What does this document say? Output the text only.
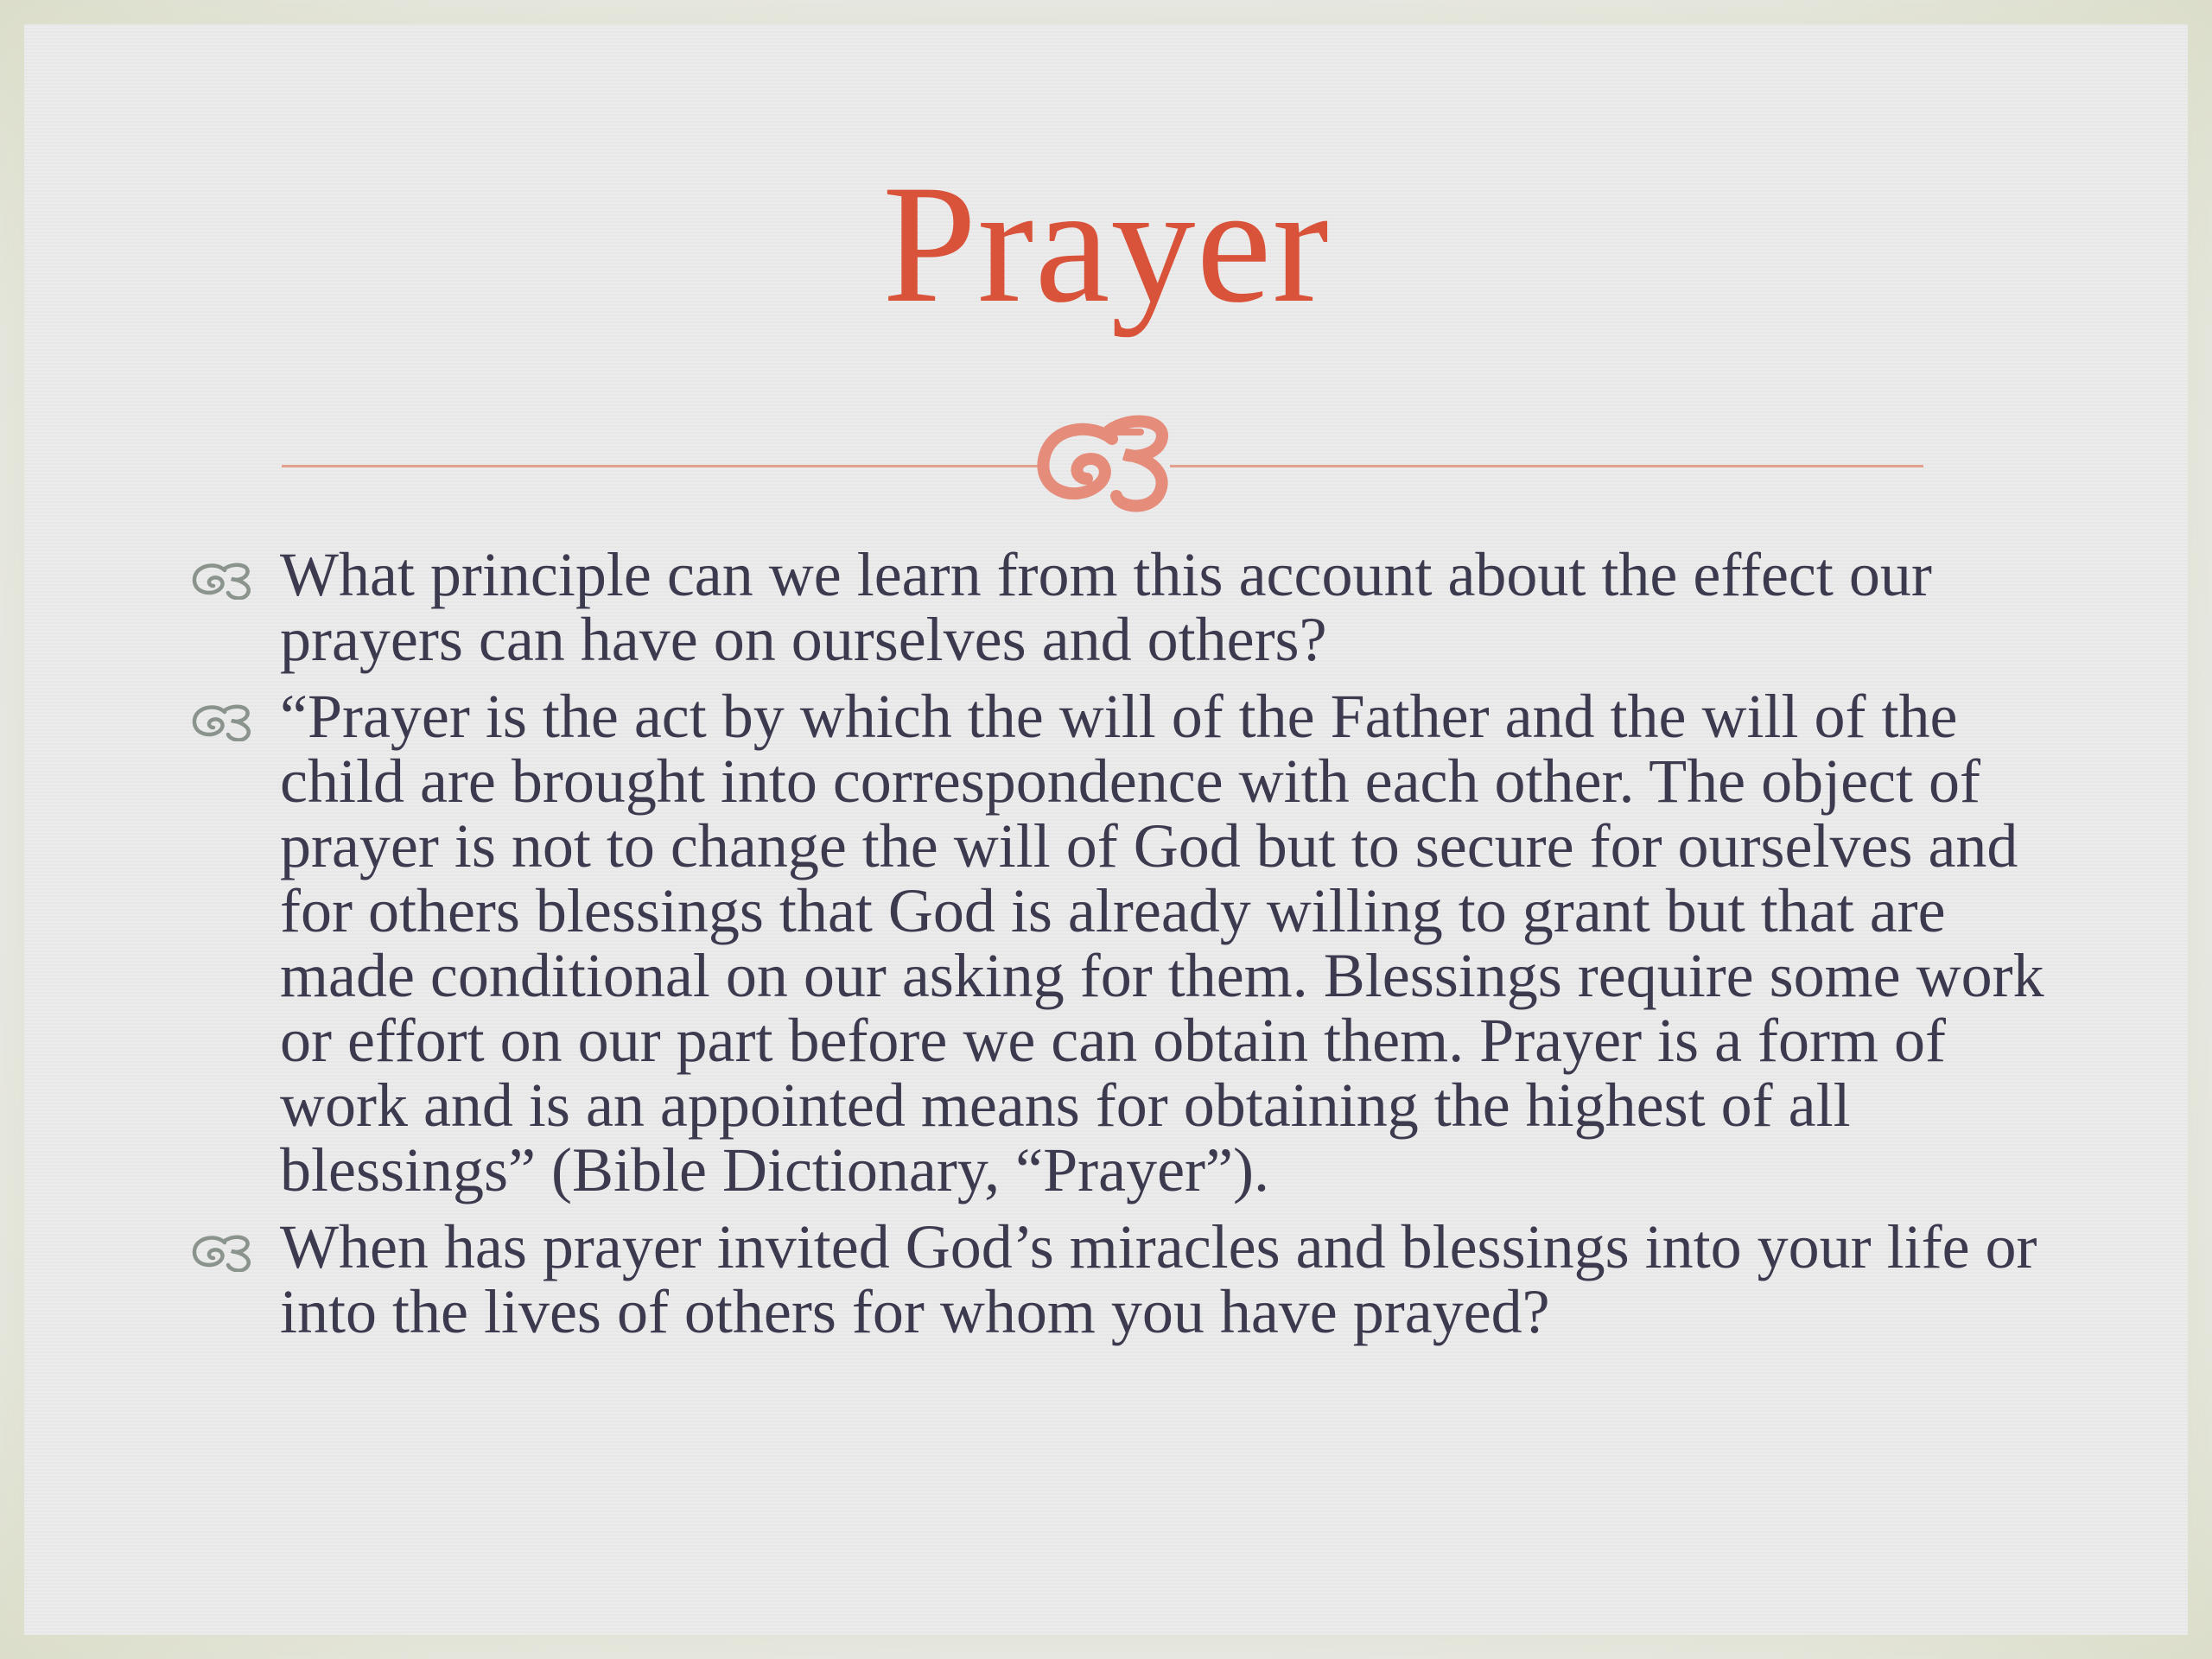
Prayer
What principle can we learn from this account about the effect our prayers can have on ourselves and others?
“Prayer is the act by which the will of the Father and the will of the child are brought into correspondence with each other. The object of prayer is not to change the will of God but to secure for ourselves and for others blessings that God is already willing to grant but that are made conditional on our asking for them. Blessings require some work or effort on our part before we can obtain them. Prayer is a form of work and is an appointed means for obtaining the highest of all blessings” (Bible Dictionary, “Prayer”).
When has prayer invited God’s miracles and blessings into your life or into the lives of others for whom you have prayed?
